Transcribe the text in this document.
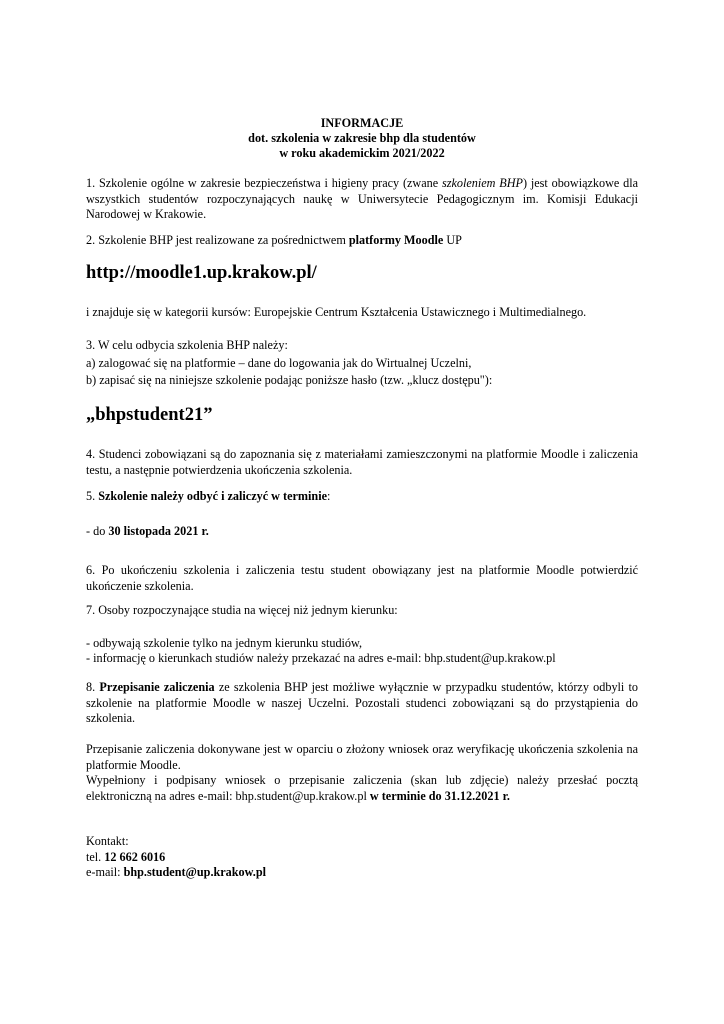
INFORMACJE
dot. szkolenia w zakresie bhp dla studentów
w roku akademickim 2021/2022
1. Szkolenie ogólne w zakresie bezpieczeństwa i higieny pracy (zwane szkoleniem BHP) jest obowiązkowe dla wszystkich studentów rozpoczynających naukę w Uniwersytecie Pedagogicznym im. Komisji Edukacji Narodowej w Krakowie.
2. Szkolenie BHP jest realizowane za pośrednictwem platformy Moodle UP
http://moodle1.up.krakow.pl/
i znajduje się w kategorii kursów: Europejskie Centrum Kształcenia Ustawicznego i Multimedialnego.
3. W celu odbycia szkolenia BHP należy:
a) zalogować się na platformie – dane do logowania jak do Wirtualnej Uczelni,
b) zapisać się na niniejsze szkolenie podając poniższe hasło (tzw. „klucz dostępu"):
„bhpstudent21”
4. Studenci zobowiązani są do zapoznania się z materiałami zamieszczonymi na platformie Moodle i zaliczenia testu, a następnie potwierdzenia ukończenia szkolenia.
5. Szkolenie należy odbyć i zaliczyć w terminie:
- do 30 listopada 2021 r.
6. Po ukończeniu szkolenia i zaliczenia testu student obowiązany jest na platformie Moodle potwierdzić ukończenie szkolenia.
7. Osoby rozpoczynające studia na więcej niż jednym kierunku:
- odbywają szkolenie tylko na jednym kierunku studiów,
- informację o kierunkach studiów należy przekazać na adres e-mail: bhp.student@up.krakow.pl
8. Przepisanie zaliczenia ze szkolenia BHP jest możliwe wyłącznie w przypadku studentów, którzy odbyli to szkolenie na platformie Moodle w naszej Uczelni. Pozostali studenci zobowiązani są do przystąpienia do szkolenia.
Przepisanie zaliczenia dokonywane jest w oparciu o złożony wniosek oraz weryfikację ukończenia szkolenia na platformie Moodle.
Wypełniony i podpisany wniosek o przepisanie zaliczenia (skan lub zdjęcie) należy przesłać pocztą elektroniczną na adres e-mail: bhp.student@up.krakow.pl w terminie do 31.12.2021 r.
Kontakt:
tel. 12 662 6016
e-mail: bhp.student@up.krakow.pl
